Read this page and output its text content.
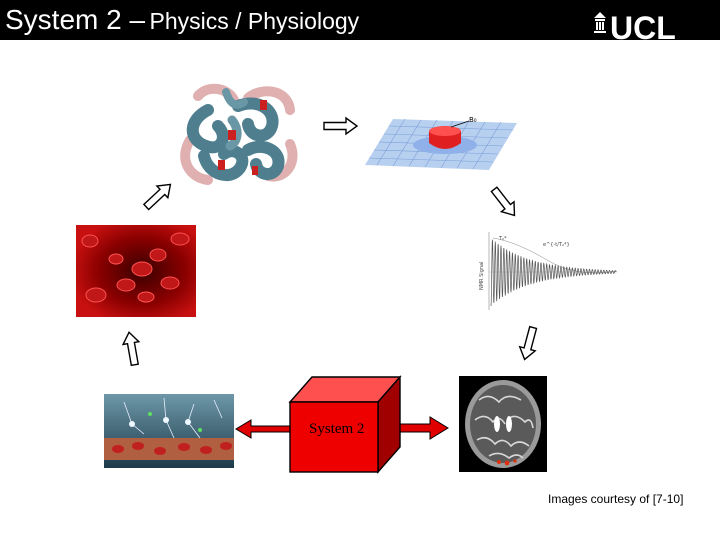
System 2 – Physics / Physiology	UCL
B₀
NMR Signal
T₂*
e^{-t/T₂*}
System 2
Images courtesy of [7-10]
